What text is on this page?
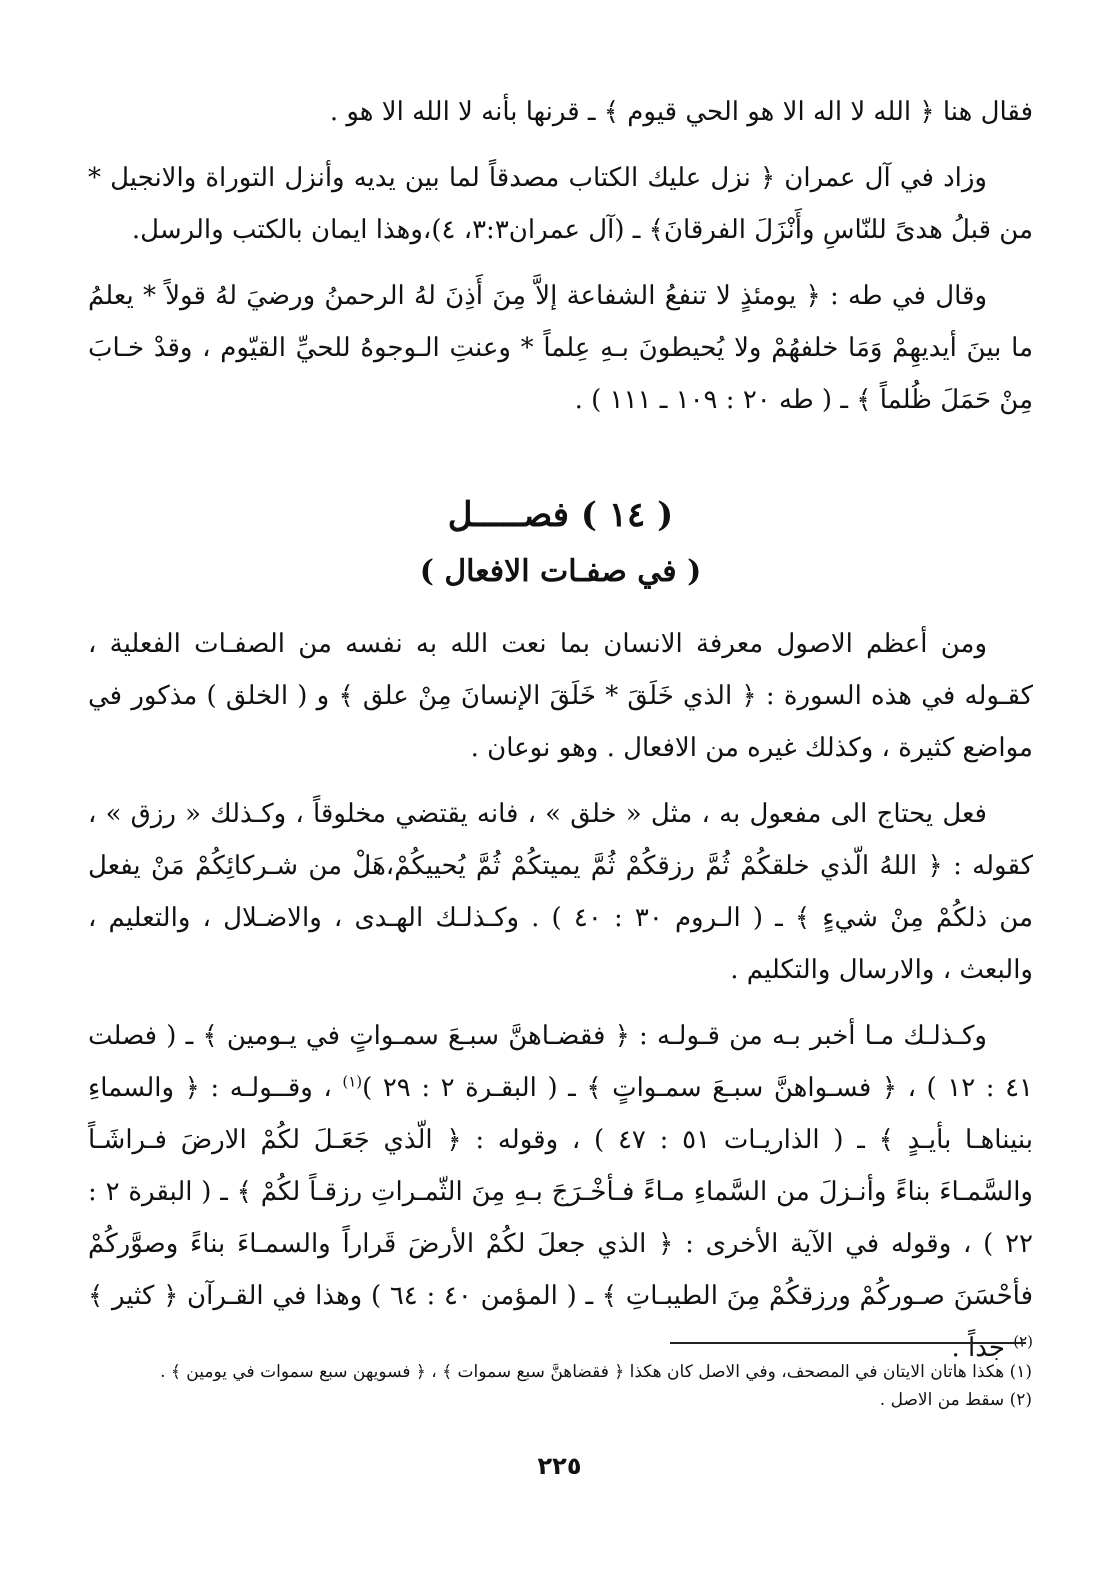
فقال هنا ﴿ الله لا اله الا هو الحي قيوم ﴾ ـ قرنها بأنه لا الله الا هو .

وزاد في آل عمران ﴿ نزل عليك الكتاب مصدقاً لما بين يديه وأنزل التوراة والانجيل * من قبلُ هدىً للنّاسِ وأَنْزَلَ الفرقانَ﴾ ـ (آل عمران٣:٣، ٤)،وهذا ايمان بالكتب والرسل.

وقال في طه : ﴿ يومئذٍ لا تنفعُ الشفاعة إلاَّ مِنَ أَذِنَ لهُ الرحمنُ ورضيَ لهُ قولاً * يعلمُ ما بينَ أيديهِمْ وَمَا خلفهُمْ ولا يُحيطونَ بـهِ عِلماً * وعنتِ الـوجوهُ للحيِّ القيّوم ، وقدْ خـابَ مِنْ حَمَلَ ظُلماً ﴾ ـ ( طه ٢٠ : ١٠٩ ـ ١١١ ) .

( ١٤ ) فصـــــل
( في صفـات الافعال )

ومن أعظم الاصول معرفة الانسان بما نعت الله به نفسه من الصفـات الفعلية ، كقـوله في هذه السورة : ﴿ الذي خَلَقَ * خَلَقَ الإنسانَ مِنْ علق ﴾ و ( الخلق ) مذكور في مواضع كثيرة ، وكذلك غيره من الافعال . وهو نوعان .

فعل يحتاج الى مفعول به ، مثل « خلق » ، فانه يقتضي مخلوقاً ، وكـذلك « رزق » ، كقوله : ﴿ اللهُ الّذي خلقكُمْ ثُمَّ رزقكُمْ ثُمَّ يميتكُمْ ثُمَّ يُحييكُمْ،هَلْ من شـركائِكُمْ مَنْ يفعل من ذلكُمْ مِنْ شيءٍ ﴾ ـ ( الـروم ٣٠ : ٤٠ ) . وكـذلـك الهـدى ، والاضـلال ، والتعليم ، والبعث ، والارسال والتكليم .

وكـذلـك مـا أخبر بـه من قـولـه : ﴿ فقضـاهنَّ سبـعَ سمـواتٍ في يـومين ﴾ ـ ( فصلت ٤١ : ١٢ ) ، ﴿ فسـواهنَّ سبـعَ سمـواتٍ ﴾ ـ ( البقـرة ٢ : ٢٩ )$^{(١)}$ ، وقــولـه : ﴿ والسماءِ بنيناهـا بأيـدٍ ﴾ ـ ( الذاريـات ٥١ : ٤٧ ) ، وقوله : ﴿ الّذي جَعَـلَ لكُمْ الارضَ فـراشَـاً والسَّمـاءَ بناءً وأنـزلَ من السَّماءِ مـاءً فـأخْـرَجَ بـهِ مِنَ الثّمـراتِ رزقـاً لكُمْ ﴾ ـ ( البقرة ٢ : ٢٢ ) ، وقوله في الآية الأخرى : ﴿ الذي جعلَ لكُمْ الأرضَ قَراراً والسمـاءَ بناءً وصوَّركُمْ فأحْسَنَ صـوركُمْ ورزقكُمْ مِنَ الطيبـاتِ ﴾ ـ ( المؤمن ٤٠ : ٦٤ ) وهذا في القـرآن ﴿ كثير ﴾$^{(٢)}$ جداً .

(١) هكذا هاتان الايتان في المصحف، وفي الاصل كان هكذا ﴿ فقضاهنَّ سبع سموات ﴾ ، ﴿ فسويهن سبع سموات في يومين ﴾ .
(٢) سقط من الاصل .
٢٢٥
